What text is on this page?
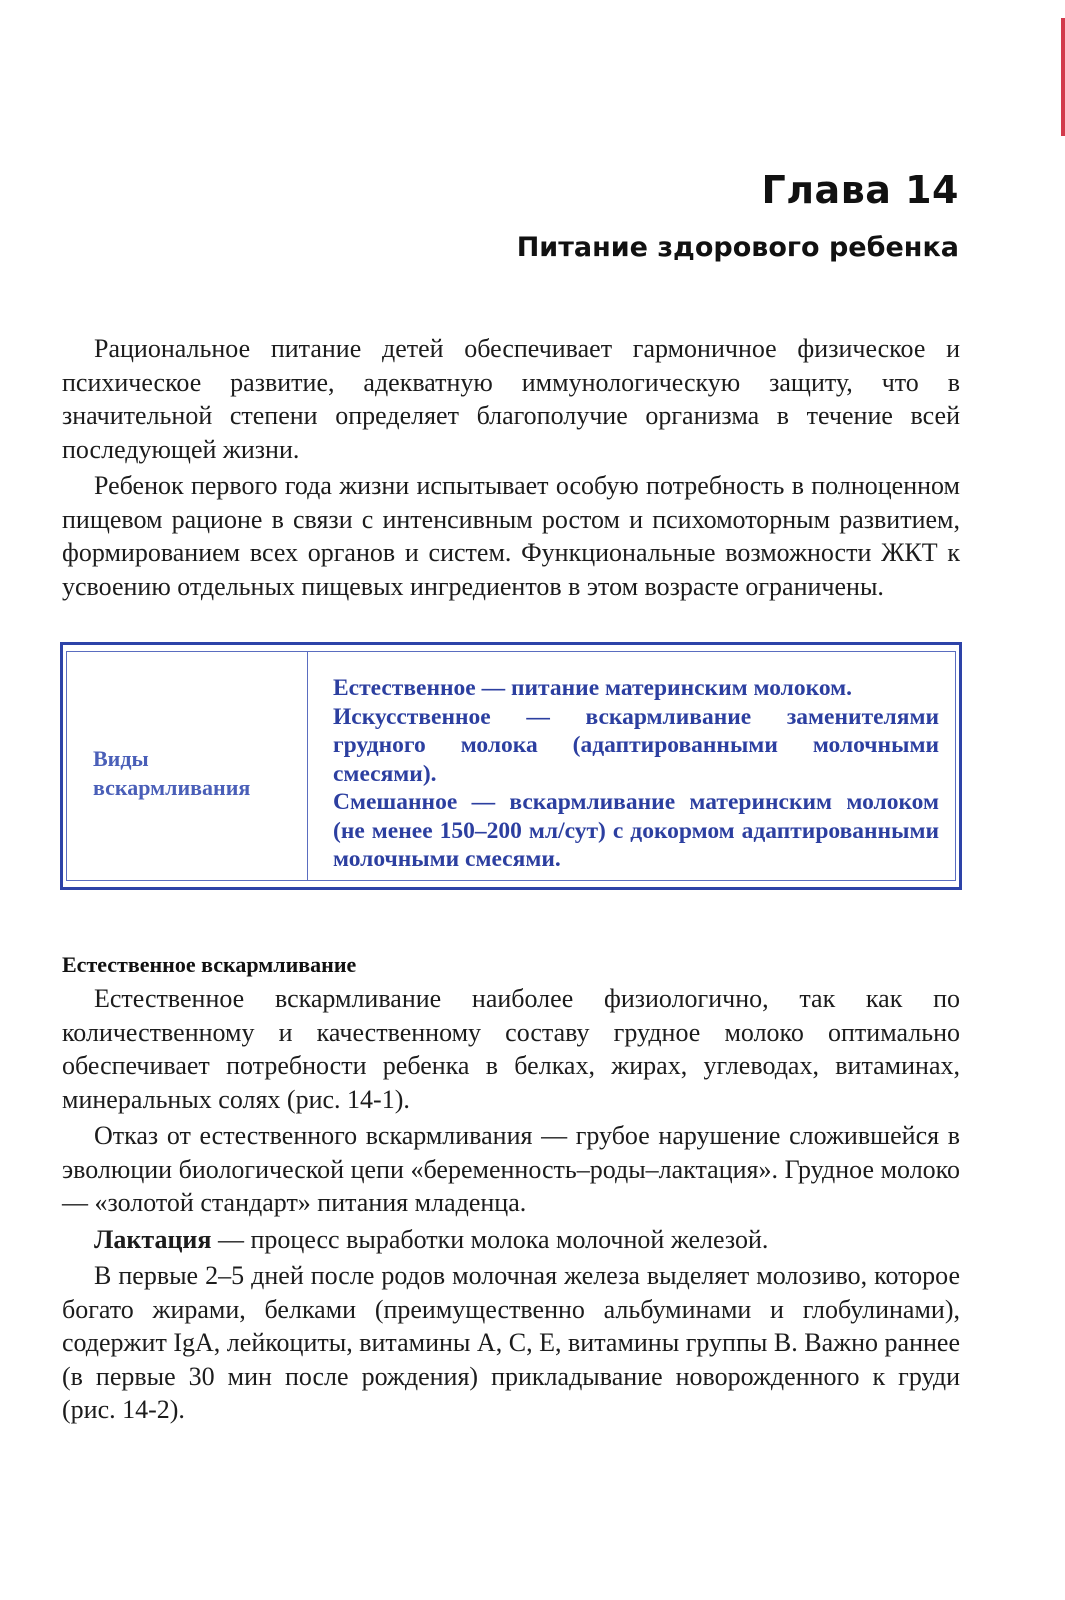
Глава 14
Питание здорового ребенка

Рациональное питание детей обеспечивает гармоничное физическое и психическое развитие, адекватную иммунологическую защиту, что в значительной степени определяет благополучие организма в течение всей последующей жизни.

Ребенок первого года жизни испытывает особую потребность в полноценном пищевом рационе в связи с интенсивным ростом и психомоторным развитием, формированием всех органов и систем. Функциональные возможности ЖКТ к усвоению отдельных пищевых ингредиентов в этом возрасте ограничены.

Виды вскармливания

Естественное — питание материнским молоком.

Искусственное — вскармливание заменителями грудного молока (адаптированными молочными смесями).

Смешанное — вскармливание материнским молоком (не менее 150–200 мл/сут) с докормом адаптированными молочными смесями.

Естественное вскармливание

Естественное вскармливание наиболее физиологично, так как по количественному и качественному составу грудное молоко оптимально обеспечивает потребности ребенка в белках, жирах, углеводах, витаминах, минеральных солях (рис. 14-1).

Отказ от естественного вскармливания — грубое нарушение сложившейся в эволюции биологической цепи «беременность–роды–лактация». Грудное молоко — «золотой стандарт» питания младенца.

Лактация — процесс выработки молока молочной железой.

В первые 2–5 дней после родов молочная железа выделяет молозиво, которое богато жирами, белками (преимущественно альбуминами и глобулинами), содержит IgA, лейкоциты, витамины А, С, Е, витамины группы В. Важно раннее (в первые 30 мин после рождения) прикладывание новорожденного к груди (рис. 14-2).
